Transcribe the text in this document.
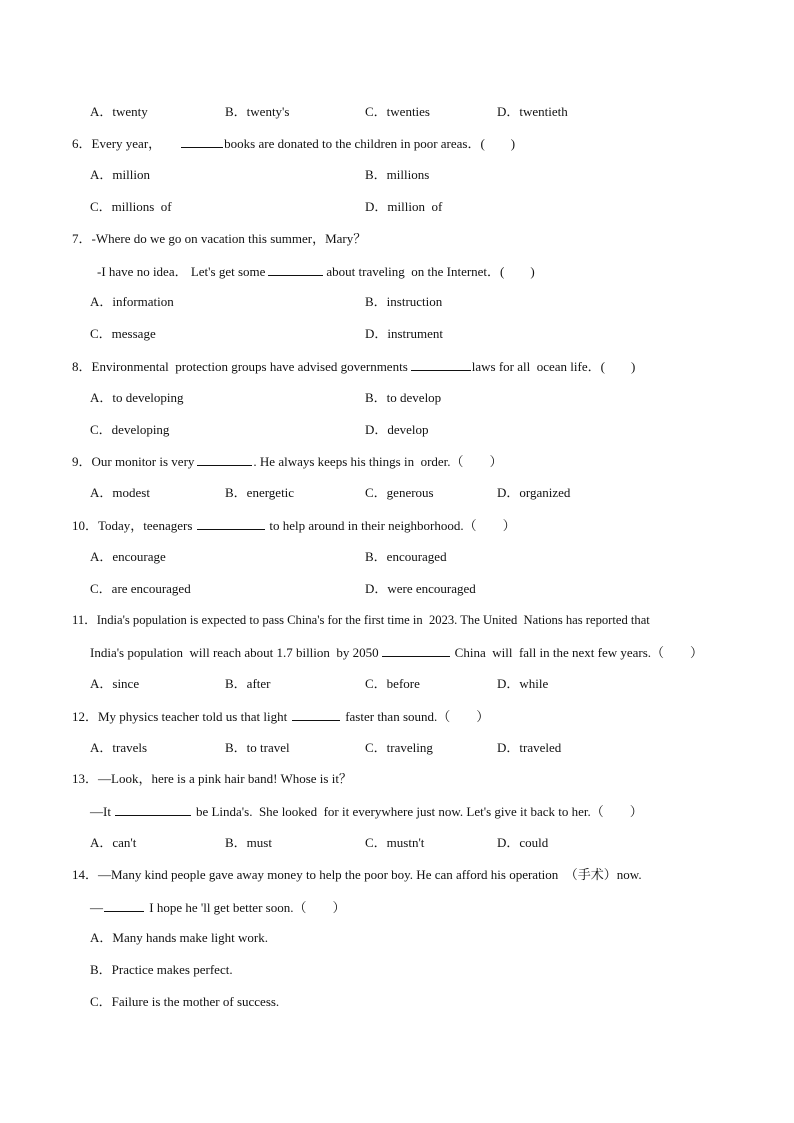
A．twenty	B．twenty's	C．twenties	D．twentieth
6．Every year，	books are donated to the children in poor areas．(　　)
A．million	B．millions
C．millions  of	D．million  of
7．-Where do we go on vacation this summer，Mary？
-I have no idea． Let's get some	about traveling  on the Internet．(　　)
A．information	B．instruction
C．message	D．instrument
8．Environmental  protection groups have advised governments	laws for all  ocean life．(　　)
A．to developing	B．to develop
C．developing	D．develop
9．Our monitor is very	. He always keeps his things in  order.（　　）
A．modest	B．energetic	C．generous	D．organized
10．Today，teenagers	to help around in their neighborhood.（　　）
A．encourage	B．encouraged
C．are encouraged	D．were encouraged
11．India's population is expected to pass China's for the first time in  2023. The United  Nations has reported that
India's population  will reach about 1.7 billion  by 2050	China  will  fall in the next few years.（　　）
A．since	B．after	C．before	D．while
12．My physics teacher told us that light	faster than sound.（　　）
A．travels	B．to travel	C．traveling	D．traveled
13．—Look，here is a pink hair band! Whose is it？
—It	be Linda's.  She looked  for it everywhere just now. Let's give it back to her.（　　）
A．can't	B．must	C．mustn't	D．could
14．—Many kind people gave away money to help the poor boy. He can afford his operation  （手术）now.
—	I hope he 'll get better soon.（　　）
A．Many hands make light work.
B．Practice makes perfect.
C．Failure is the mother of success.
